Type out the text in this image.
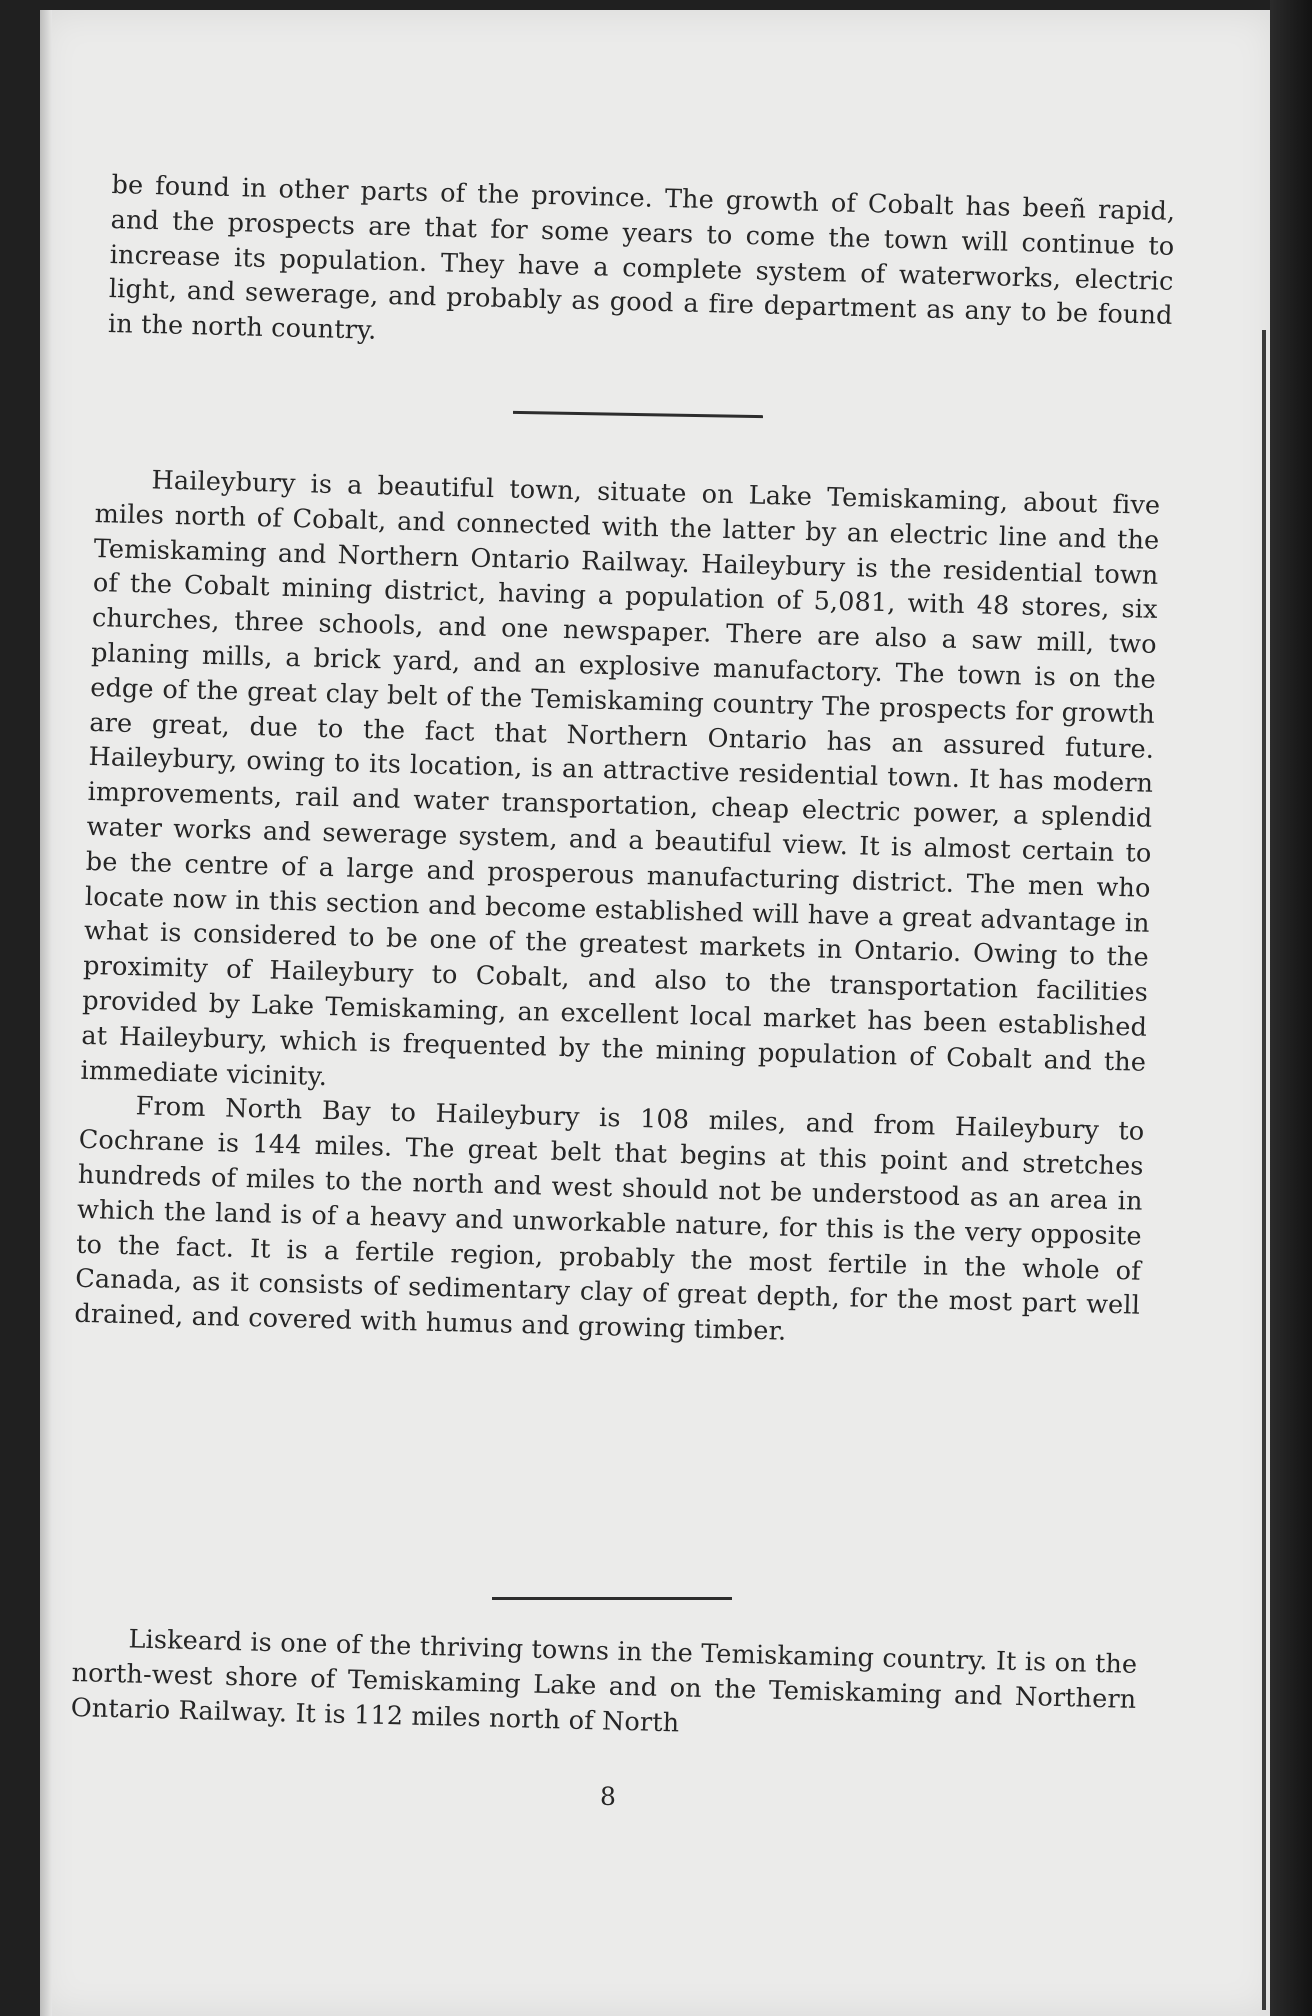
be found in other parts of the province. The growth of Cobalt has beeñ rapid, and the prospects are that for some years to come the town will continue to increase its population. They have a complete system of waterworks, electric light, and sewerage, and probably as good a fire department as any to be found in the north country.

Haileybury is a beautiful town, situate on Lake Temiskaming, about five miles north of Cobalt, and connected with the latter by an electric line and the Temiskaming and Northern Ontario Railway. Haileybury is the residential town of the Cobalt mining district, having a population of 5,081, with 48 stores, six churches, three schools, and one newspaper. There are also a saw mill, two planing mills, a brick yard, and an explosive manufactory. The town is on the edge of the great clay belt of the Temiskaming country The prospects for growth are great, due to the fact that Northern Ontario has an assured future. Haileybury, owing to its location, is an attractive residential town. It has modern improvements, rail and water transportation, cheap electric power, a splendid water works and sewerage system, and a beautiful view. It is almost certain to be the centre of a large and prosperous manufacturing district. The men who locate now in this section and become established will have a great advantage in what is considered to be one of the greatest markets in Ontario. Owing to the proximity of Haileybury to Cobalt, and also to the transportation facilities provided by Lake Temiskaming, an excellent local market has been established at Haileybury, which is frequented by the mining population of Cobalt and the immediate vicinity.

From North Bay to Haileybury is 108 miles, and from Haileybury to Cochrane is 144 miles. The great belt that begins at this point and stretches hundreds of miles to the north and west should not be understood as an area in which the land is of a heavy and unworkable nature, for this is the very opposite to the fact. It is a fertile region, probably the most fertile in the whole of Canada, as it consists of sedimentary clay of great depth, for the most part well drained, and covered with humus and growing timber.

Liskeard is one of the thriving towns in the Temiskaming country. It is on the north-west shore of Temiskaming Lake and on the Temiskaming and Northern Ontario Railway. It is 112 miles north of North

8
